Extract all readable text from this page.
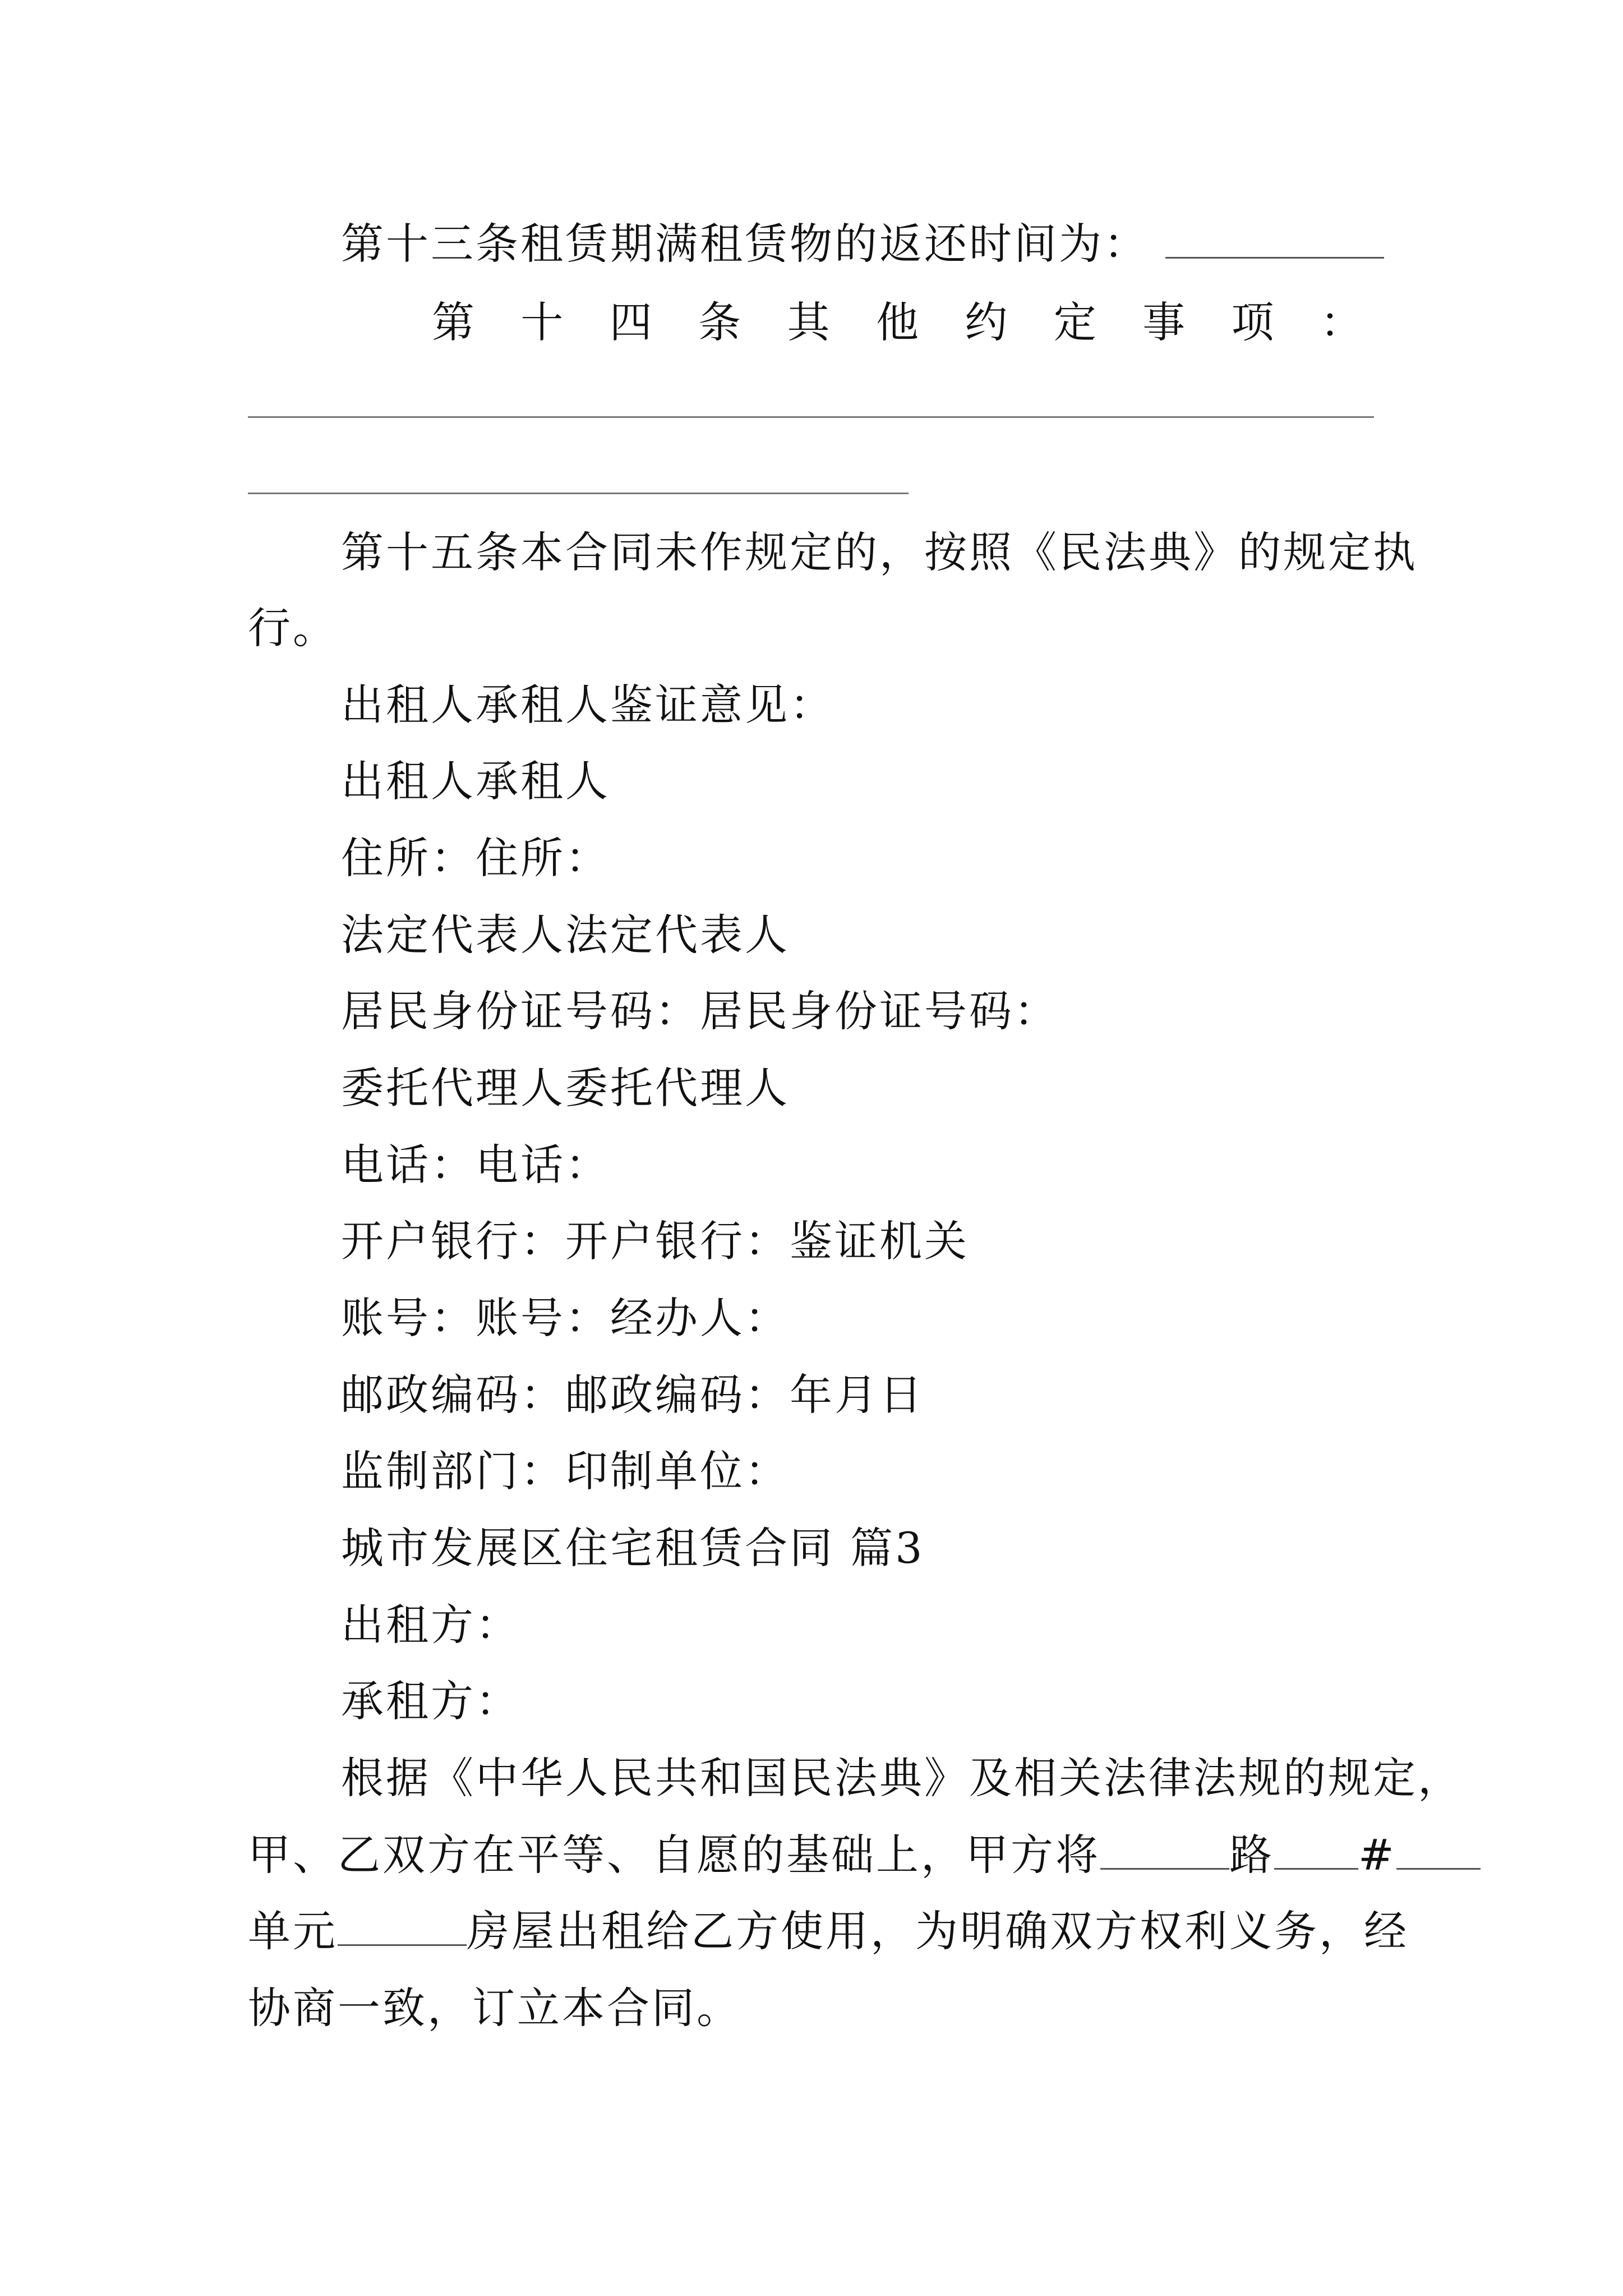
第十三条租赁期满租赁物的返还时间为：
第 十 四 条 其 他 约 定 事 项 ：
第十五条本合同未作规定的，按照《民法典》的规定执
行。
出租人承租人鉴证意见：
出租人承租人
住所：住所：
法定代表人法定代表人
居民身份证号码：居民身份证号码：
委托代理人委托代理人
电话：电话：
开户银行：开户银行：鉴证机关
账号：账号：经办人：
邮政编码：邮政编码：年月日
监制部门：印制单位：
城市发展区住宅租赁合同 篇3
出租方：
承租方：
根据《中华人民共和国民法典》及相关法律法规的规定，
甲、乙双方在平等、自愿的基础上，甲方将	路 #
单元	房屋出租给乙方使用，为明确双方权利义务，经
协商一致，订立本合同。
